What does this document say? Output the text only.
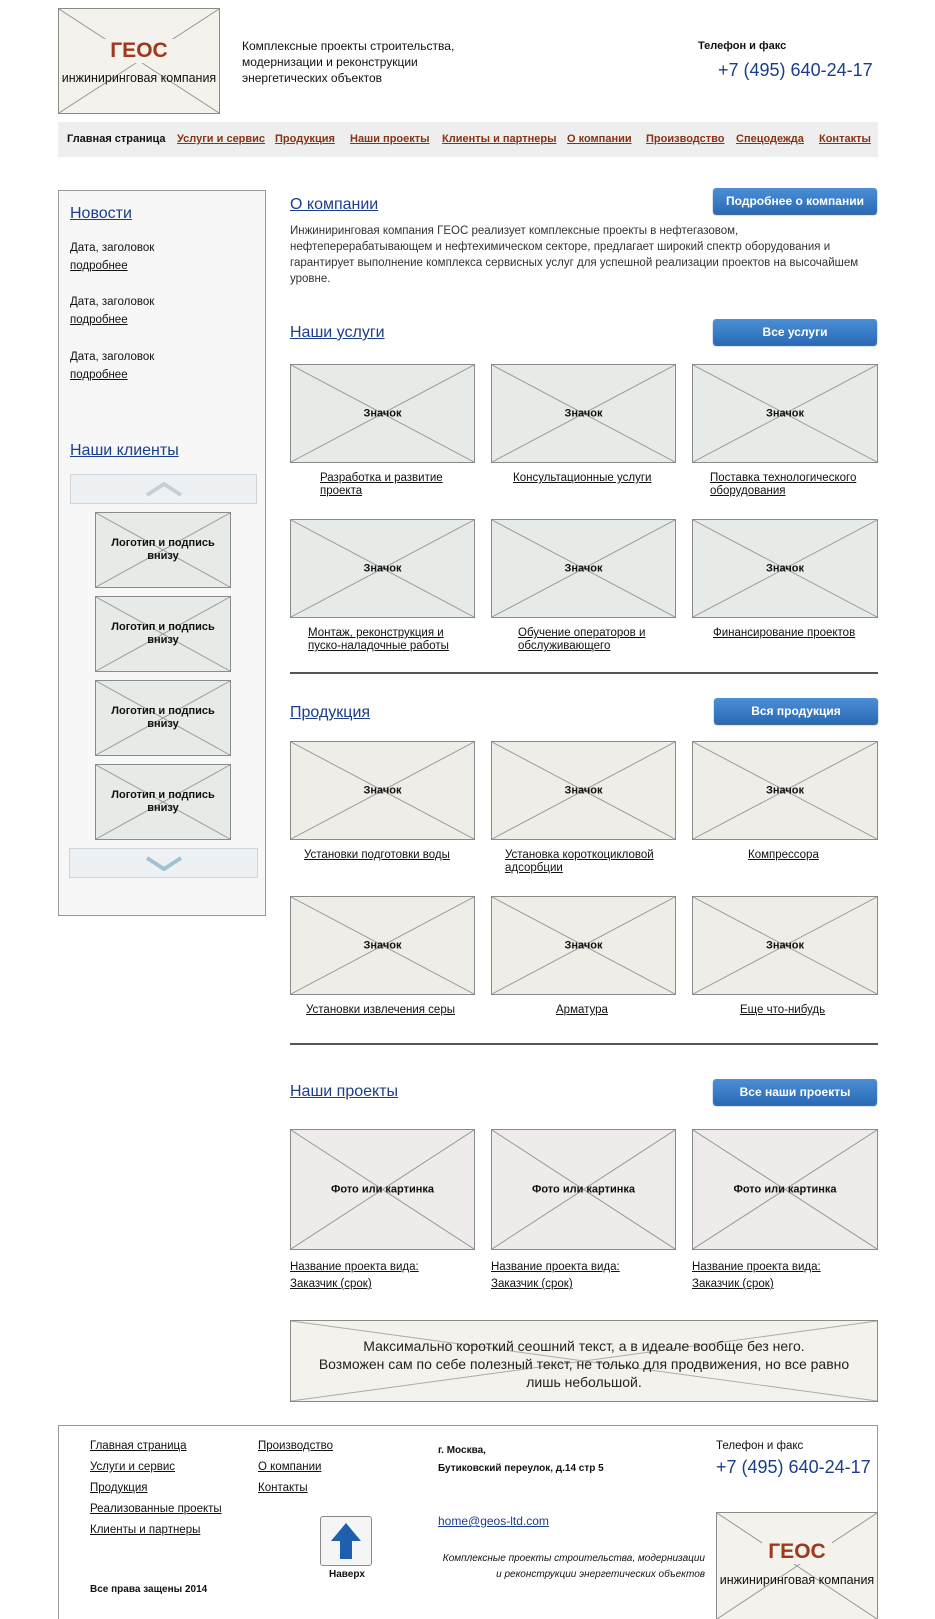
ГЕОС
инжиниринговая компания
Комплексные проекты строительства,
модернизации и реконструкции
энергетических объектов
Телефон и факс
+7 (495) 640-24-17
Главная страница Услуги и сервис Продукция Наши проекты Клиенты и партнеры О компании Производство Спецодежда Контакты
Новости
Дата, заголовок
подробнее
Дата, заголовок
подробнее
Дата, заголовок
подробнее
Наши клиенты
Логотип и подпись
внизу
Логотип и подпись
внизу
Логотип и подпись
внизу
Логотип и подпись
внизу
О компании	Подробнее о компании
Инжиниринговая компания ГЕОС реализует комплексные проекты в нефтегазовом,
нефтеперерабатывающем и нефтехимическом секторе, предлагает широкий спектр оборудования и
гарантирует выполнение комплекса сервисных услуг для успешной реализации проектов на высочайшем
уровне.
Наши услуги	Все услуги
Значок
Разработка и развитие
проекта
Значок
Консультационные услуги
Значок
Поставка технологического
оборудования
Значок
Монтаж, реконструкция и
пуско-наладочные работы
Значок
Обучение операторов и
обслуживающего
Значок
Финансирование проектов
Продукция	Вся продукция
Значок
Установки подготовки воды
Значок
Установка короткоцикловой
адсорбции
Значок
Компрессора
Значок
Установки извлечения серы
Значок
Арматура
Значок
Еще что-нибудь
Наши проекты	Все наши проекты
Фото или картинка
Название проекта вида:
Заказчик (срок)
Фото или картинка
Название проекта вида:
Заказчик (срок)
Фото или картинка
Название проекта вида:
Заказчик (срок)
Максимально короткий сеошний текст, а в идеале вообще без него.
Возможен сам по себе полезный текст, не только для продвижения, но все равно
лишь небольшой.
Главная страница
Услуги и сервис
Продукция
Реализованные проекты
Клиенты и партнеры
Производство
О компании
Контакты
г. Москва,
Бутиковский переулок, д.14 стр 5
home@geos-ltd.com
Комплексные проекты строительства, модернизации
и реконструкции энергетических объектов
Наверх
Все права защены 2014
Телефон и факс
+7 (495) 640-24-17
ГЕОС
инжиниринговая компания
